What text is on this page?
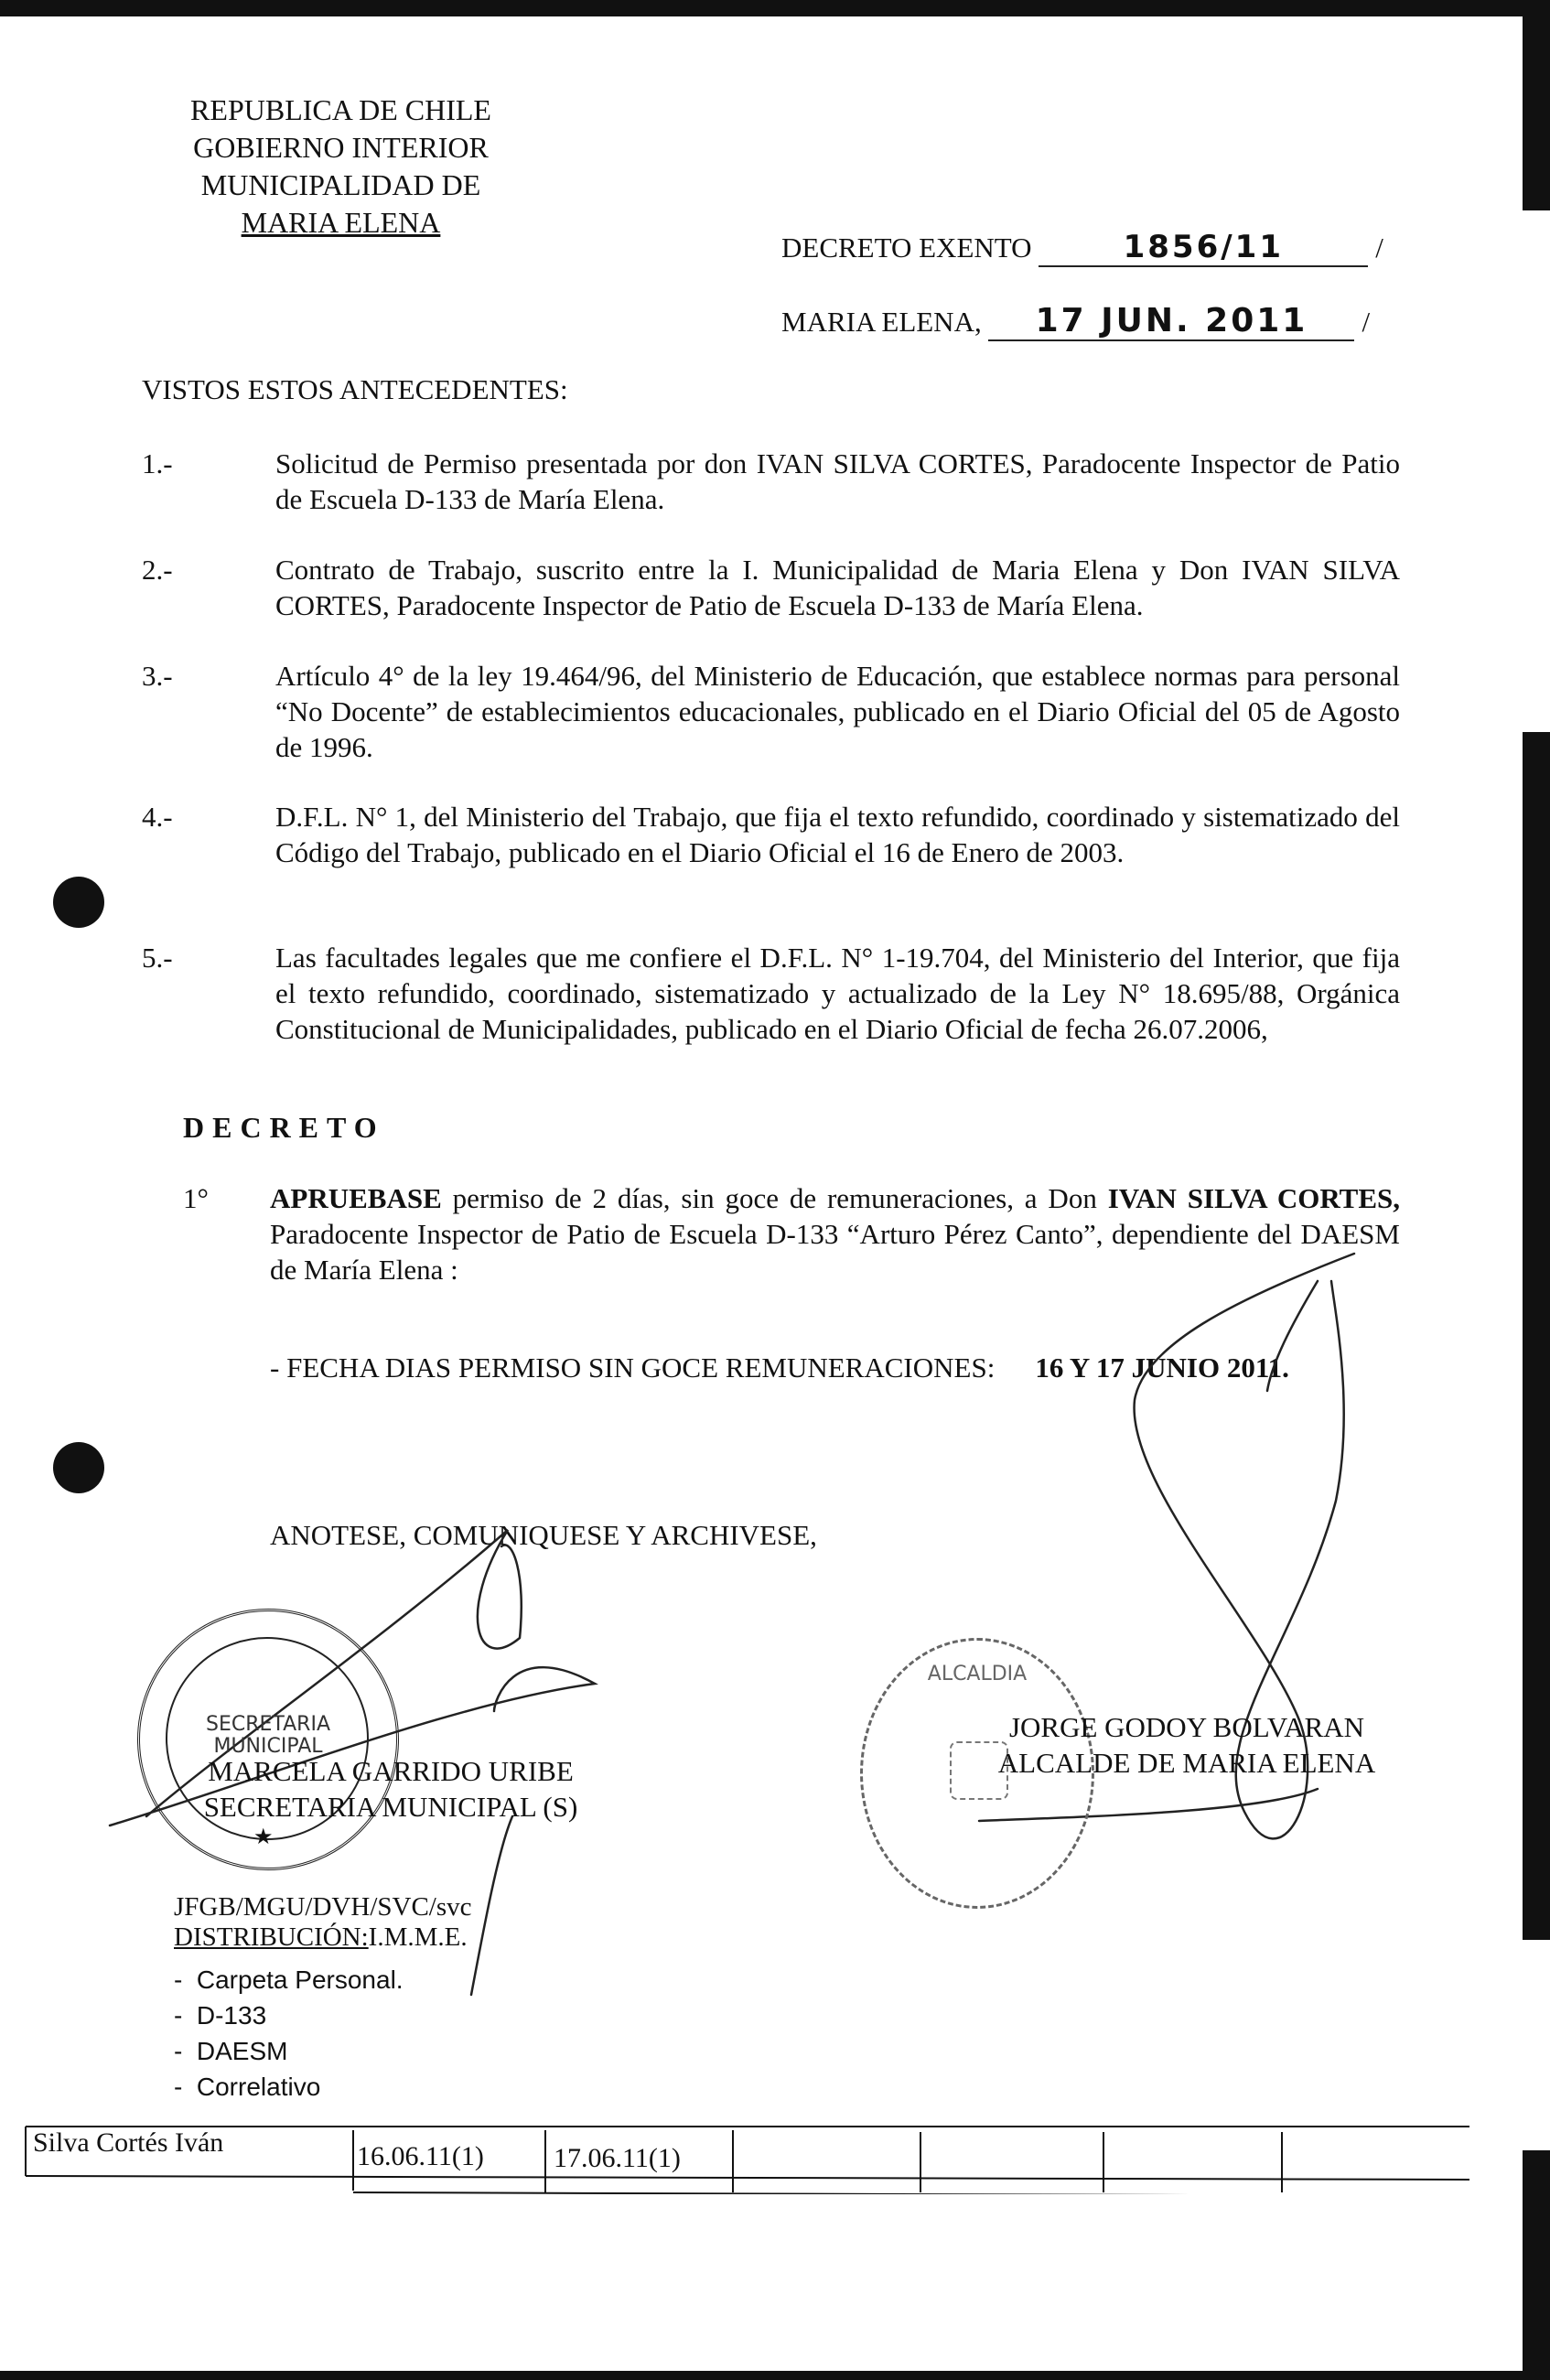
REPUBLICA DE CHILE
GOBIERNO INTERIOR
MUNICIPALIDAD DE
MARIA ELENA
DECRETO EXENTO	1856/11	/
MARIA ELENA, 17 JUN. 2011 /
VISTOS ESTOS ANTECEDENTES:
1.-	Solicitud de Permiso presentada por don IVAN SILVA CORTES, Paradocente Inspector de Patio de Escuela D-133 de María Elena.
2.-	Contrato de Trabajo, suscrito entre la I. Municipalidad de Maria Elena y Don IVAN SILVA CORTES, Paradocente Inspector de Patio de Escuela D-133 de María Elena.
3.-	Artículo 4° de la ley 19.464/96, del Ministerio de Educación, que establece normas para personal “No Docente” de establecimientos educacionales, publicado en el Diario Oficial del 05 de Agosto de 1996.
4.-	D.F.L. N° 1, del Ministerio del Trabajo, que fija el texto refundido, coordinado y sistematizado del Código del Trabajo, publicado en el Diario Oficial el 16 de Enero de 2003.
5.-	Las facultades legales que me confiere el D.F.L. N° 1-19.704, del Ministerio del Interior, que fija el texto refundido, coordinado, sistematizado y actualizado de la Ley N° 18.695/88, Orgánica Constitucional de Municipalidades, publicado en el Diario Oficial de fecha 26.07.2006,
DECRETO
1° APRUEBASE permiso de 2 días, sin goce de remuneraciones, a Don IVAN SILVA CORTES, Paradocente Inspector de Patio de Escuela D-133 “Arturo Pérez Canto”, dependiente del DAESM de María Elena :
- FECHA DIAS PERMISO SIN GOCE REMUNERACIONES: 16 Y 17 JUNIO 2011.
ANOTESE, COMUNIQUESE Y ARCHIVESE,
SECRETARIA MUNICIPAL
★
ALCALDIA
MARCELA GARRIDO URIBE
SECRETARIA MUNICIPAL (S)
JORGE GODOY BOLVARAN
ALCALDE DE MARIA ELENA
JFGB/MGU/DVH/SVC/svc
DISTRIBUCIÓN:I.M.M.E.
- Carpeta Personal.
- D-133
- DAESM
- Correlativo
Silva Cortés Iván	16.06.11(1)	17.06.11(1)
